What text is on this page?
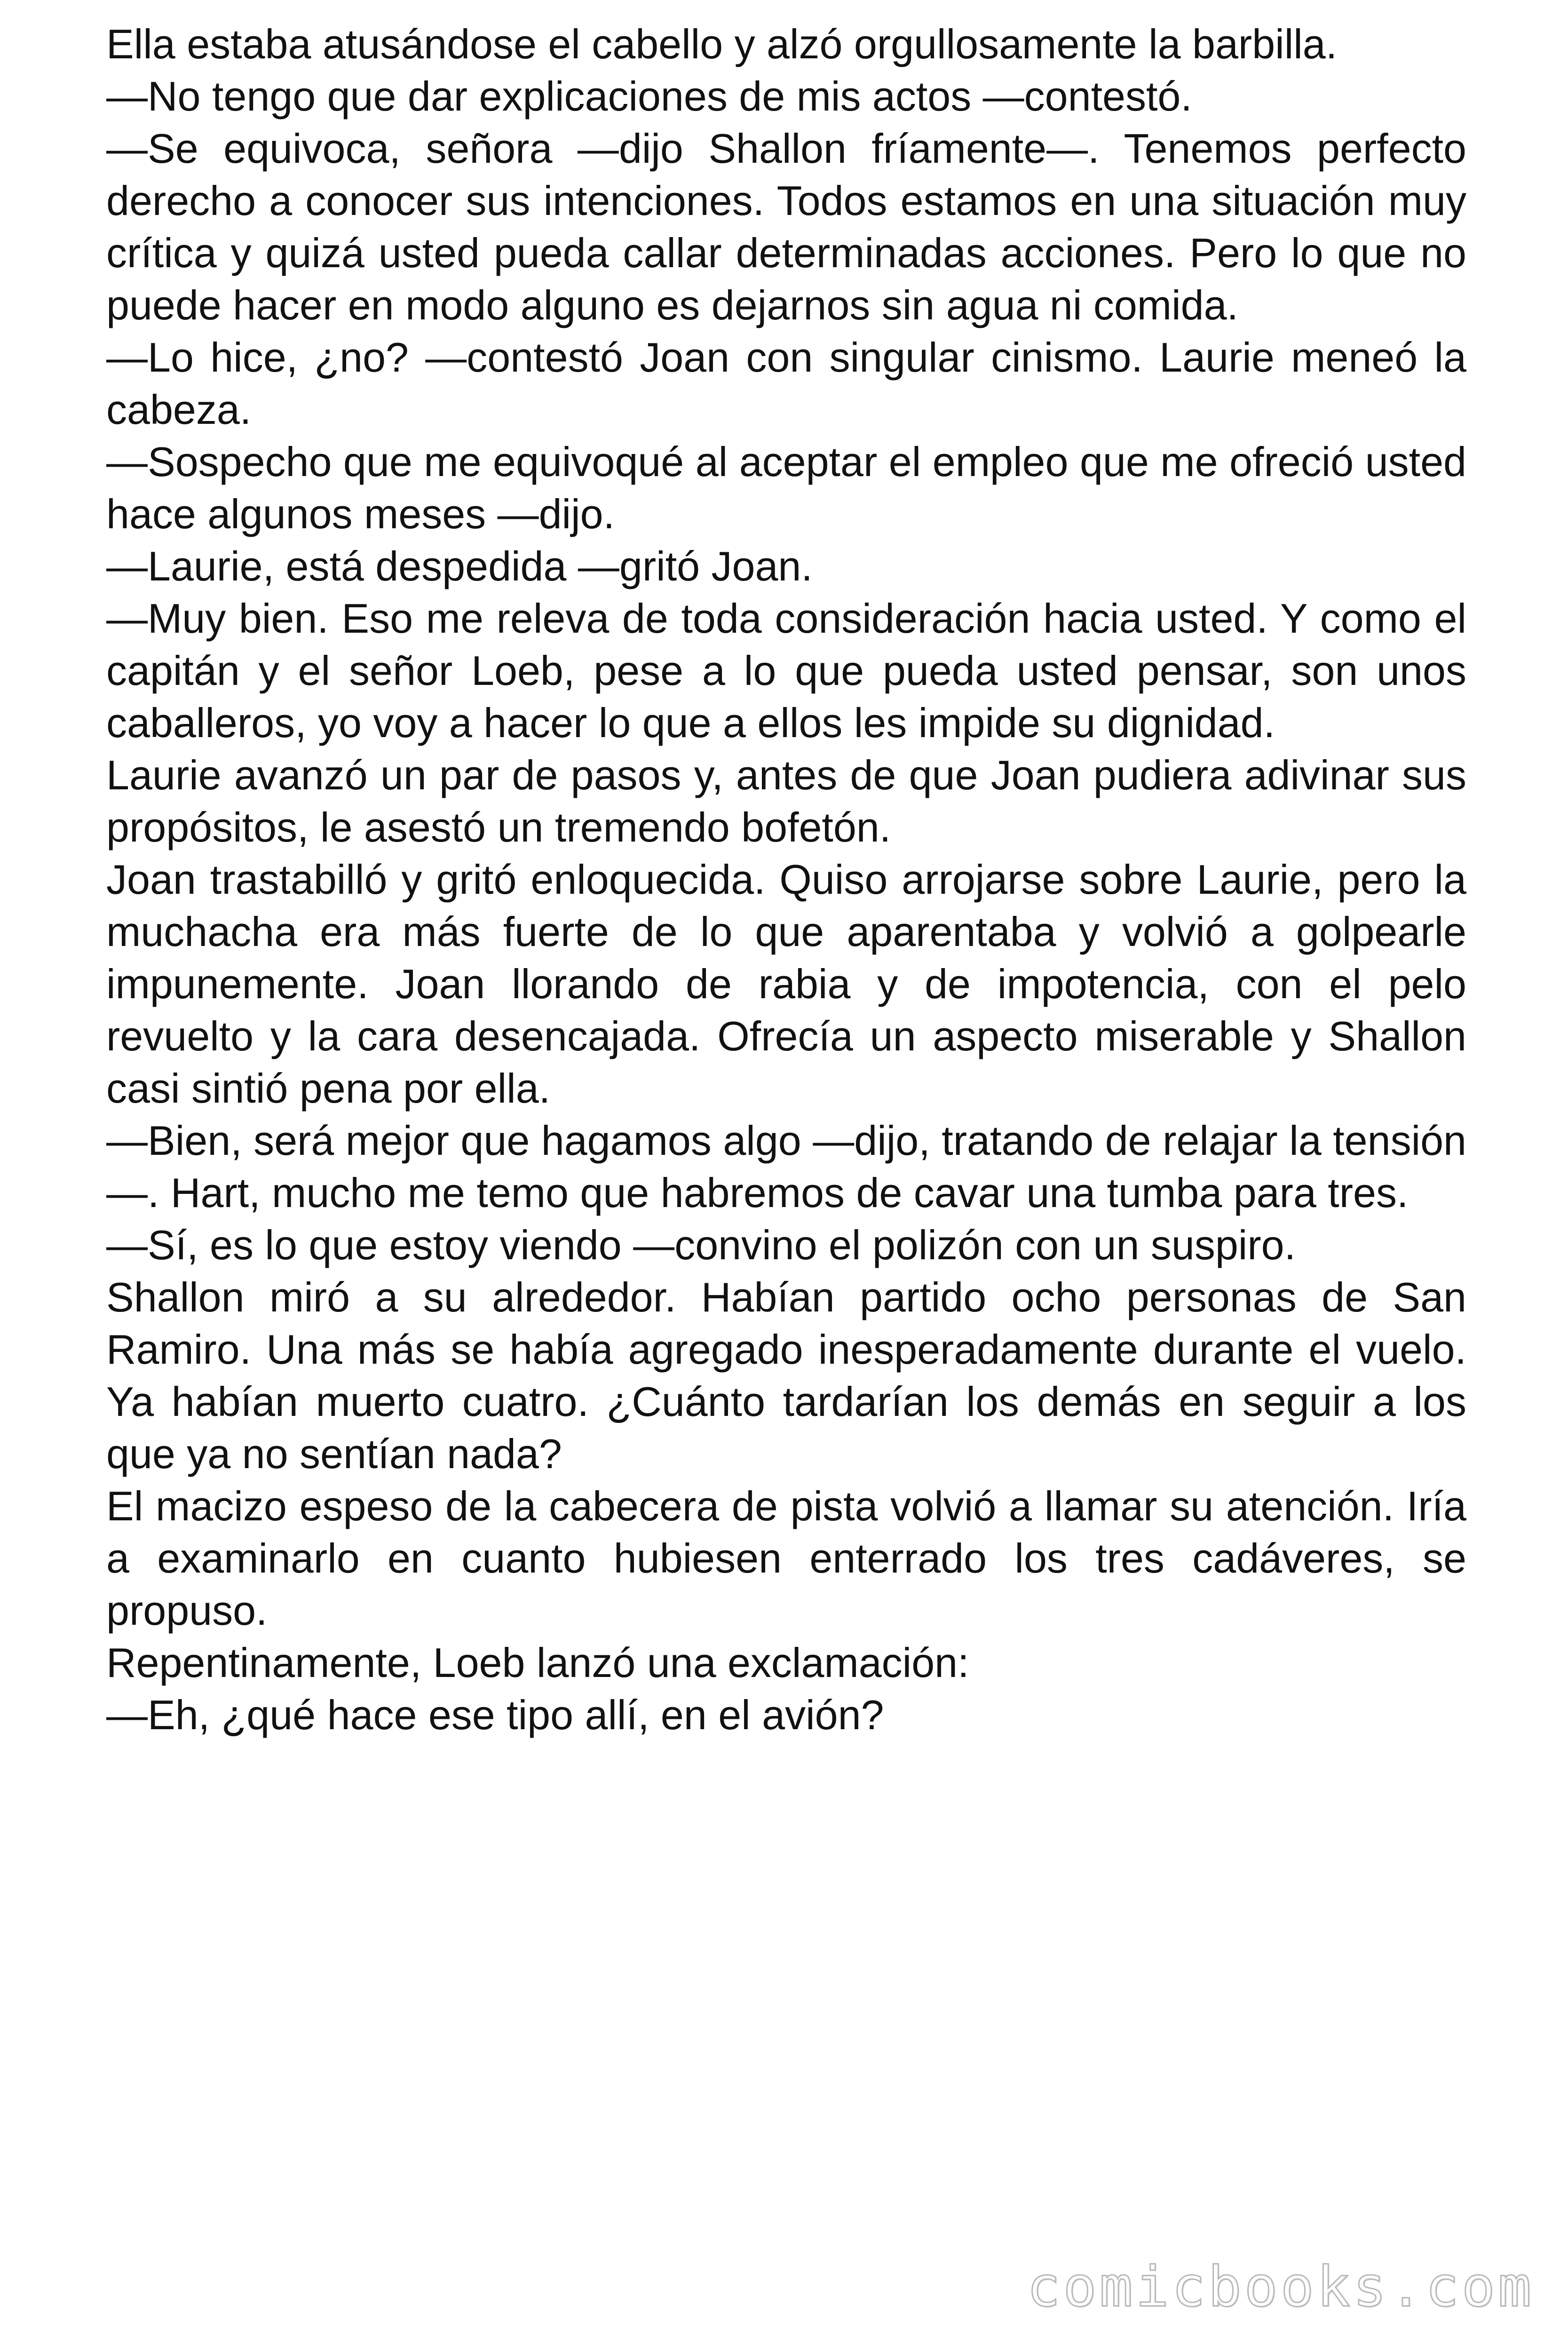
Ella estaba atusándose el cabello y alzó orgullosamente la barbilla.

—No tengo que dar explicaciones de mis actos —contestó.

—Se equivoca, señora —dijo Shallon fríamente—. Tenemos perfecto derecho a conocer sus intenciones. Todos estamos en una situación muy crítica y quizá usted pueda callar determinadas acciones. Pero lo que no puede hacer en modo alguno es dejarnos sin agua ni comida.

—Lo hice, ¿no? —contestó Joan con singular cinismo. Laurie meneó la cabeza.

—Sospecho que me equivoqué al aceptar el empleo que me ofreció usted hace algunos meses —dijo.

—Laurie, está despedida —gritó Joan.

—Muy bien. Eso me releva de toda consideración hacia usted. Y como el capitán y el señor Loeb, pese a lo que pueda usted pensar, son unos caballeros, yo voy a hacer lo que a ellos les impide su dignidad.

Laurie avanzó un par de pasos y, antes de que Joan pudiera adivinar sus propósitos, le asestó un tremendo bofetón.

Joan trastabilló y gritó enloquecida. Quiso arrojarse sobre Laurie, pero la muchacha era más fuerte de lo que aparentaba y volvió a golpearle impunemente. Joan llorando de rabia y de impotencia, con el pelo revuelto y la cara desencajada. Ofrecía un aspecto miserable y Shallon casi sintió pena por ella.

—Bien, será mejor que hagamos algo —dijo, tratando de relajar la tensión—. Hart, mucho me temo que habremos de cavar una tumba para tres.

—Sí, es lo que estoy viendo —convino el polizón con un suspiro.

Shallon miró a su alrededor. Habían partido ocho personas de San Ramiro. Una más se había agregado inesperadamente durante el vuelo. Ya habían muerto cuatro. ¿Cuánto tardarían los demás en seguir a los que ya no sentían nada?

El macizo espeso de la cabecera de pista volvió a llamar su atención. Iría a examinarlo en cuanto hubiesen enterrado los tres cadáveres, se propuso.

Repentinamente, Loeb lanzó una exclamación:

—Eh, ¿qué hace ese tipo allí, en el avión?

comicbooks.com
